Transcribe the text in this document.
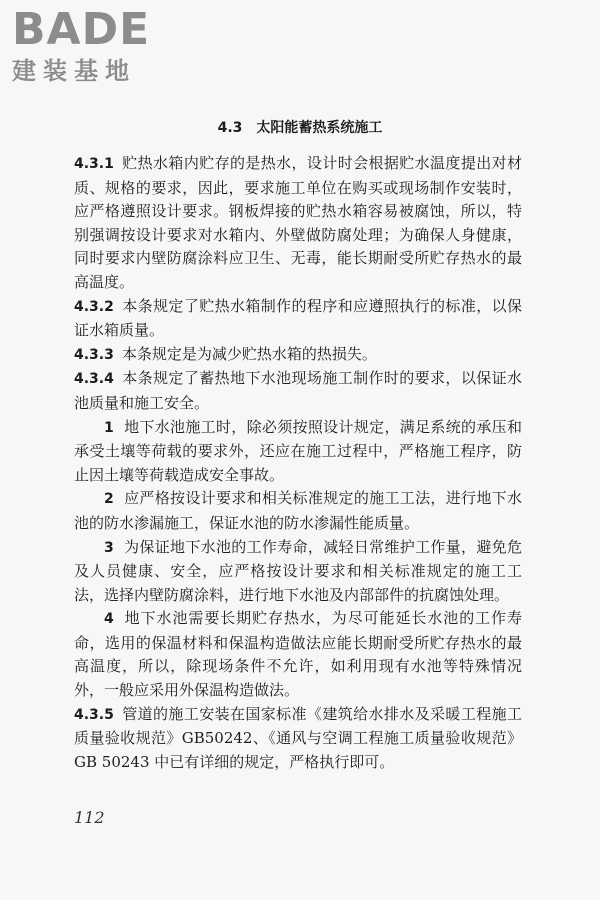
BADE
建装基地
4.3 太阳能蓄热系统施工

4.3.1 贮热水箱内贮存的是热水，设计时会根据贮水温度提出对材质、规格的要求，因此，要求施工单位在购买或现场制作安装时，应严格遵照设计要求。钢板焊接的贮热水箱容易被腐蚀，所以，特别强调按设计要求对水箱内、外壁做防腐处理；为确保人身健康，同时要求内壁防腐涂料应卫生、无毒，能长期耐受所贮存热水的最高温度。

4.3.2 本条规定了贮热水箱制作的程序和应遵照执行的标准，以保证水箱质量。

4.3.3 本条规定是为减少贮热水箱的热损失。

4.3.4 本条规定了蓄热地下水池现场施工制作时的要求，以保证水池质量和施工安全。

1 地下水池施工时，除必须按照设计规定，满足系统的承压和承受土壤等荷载的要求外，还应在施工过程中，严格施工程序，防止因土壤等荷载造成安全事故。

2 应严格按设计要求和相关标准规定的施工工法，进行地下水池的防水渗漏施工，保证水池的防水渗漏性能质量。

3 为保证地下水池的工作寿命，减轻日常维护工作量，避免危及人员健康、安全，应严格按设计要求和相关标准规定的施工工法，选择内壁防腐涂料，进行地下水池及内部部件的抗腐蚀处理。

4 地下水池需要长期贮存热水，为尽可能延长水池的工作寿命，选用的保温材料和保温构造做法应能长期耐受所贮存热水的最高温度，所以，除现场条件不允许，如利用现有水池等特殊情况外，一般应采用外保温构造做法。

4.3.5 管道的施工安装在国家标准《建筑给水排水及采暖工程施工质量验收规范》GB50242、《通风与空调工程施工质量验收规范》GB 50243 中已有详细的规定，严格执行即可。

112
